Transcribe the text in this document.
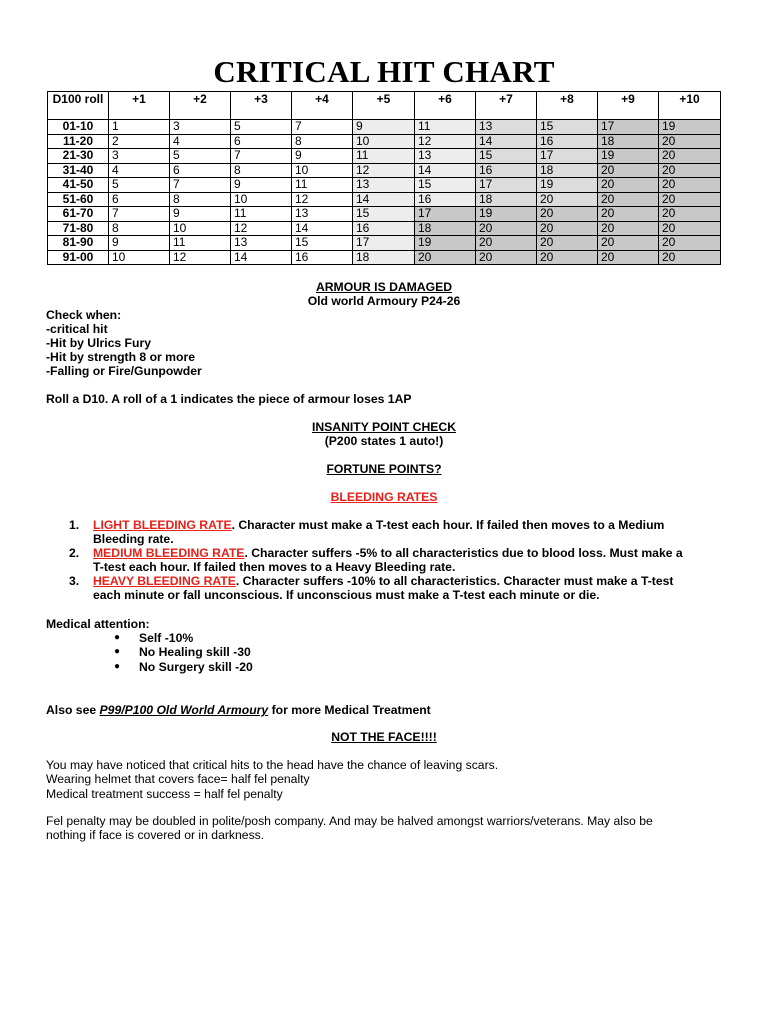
CRITICAL HIT CHART
D100 roll	+1	+2	+3	+4	+5	+6	+7	+8	+9	+10
01-10	1	3	5	7	9	11	13	15	17	19
11-20	2	4	6	8	10	12	14	16	18	20
21-30	3	5	7	9	11	13	15	17	19	20
31-40	4	6	8	10	12	14	16	18	20	20
41-50	5	7	9	11	13	15	17	19	20	20
51-60	6	8	10	12	14	16	18	20	20	20
61-70	7	9	11	13	15	17	19	20	20	20
71-80	8	10	12	14	16	18	20	20	20	20
81-90	9	11	13	15	17	19	20	20	20	20
91-00	10	12	14	16	18	20	20	20	20	20
ARMOUR IS DAMAGED
Old world Armoury P24-26
Check when:
-critical hit
-Hit by Ulrics Fury
-Hit by strength 8 or more
-Falling or Fire/Gunpowder
Roll a D10. A roll of a 1 indicates the piece of armour loses 1AP
INSANITY POINT CHECK
(P200 states 1 auto!)
FORTUNE POINTS?
BLEEDING RATES
1. LIGHT BLEEDING RATE. Character must make a T-test each hour. If failed then moves to a Medium
Bleeding rate.
2. MEDIUM BLEEDING RATE. Character suffers -5% to all characteristics due to blood loss. Must make a
T-test each hour. If failed then moves to a Heavy Bleeding rate.
3. HEAVY BLEEDING RATE. Character suffers -10% to all characteristics. Character must make a T-test
each minute or fall unconscious. If unconscious must make a T-test each minute or die.
Medical attention:
● Self -10%
● No Healing skill -30
● No Surgery skill -20
Also see P99/P100 Old World Armoury for more Medical Treatment
NOT THE FACE!!!!
You may have noticed that critical hits to the head have the chance of leaving scars.
Wearing helmet that covers face= half fel penalty
Medical treatment success = half fel penalty
Fel penalty may be doubled in polite/posh company. And may be halved amongst warriors/veterans. May also be
nothing if face is covered or in darkness.
